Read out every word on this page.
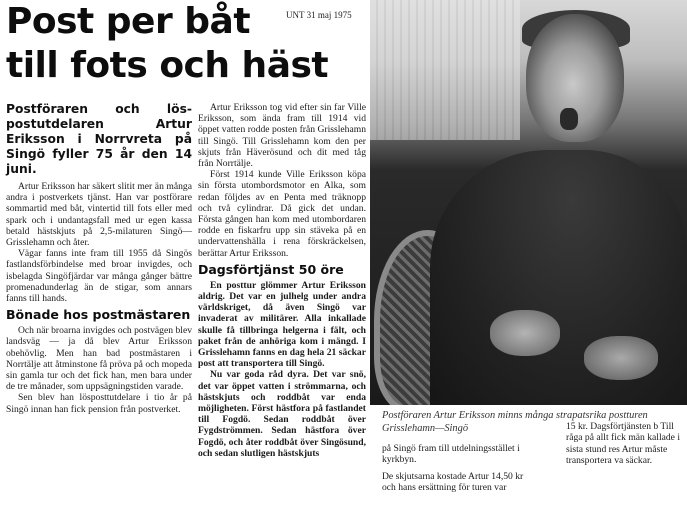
Post per båt
till fots och häst
UNT 31 maj 1975

Postföraren och löspostutdelaren Artur Eriksson i Norrvreta på Singö fyller 75 år den 14 juni.

Artur Eriksson har säkert slitit mer än många andra i postverkets tjänst. Han var postförare sommartid med båt, vintertid till fots eller med spark och i undantagsfall med ur egen kassa betald hästskjuts på 2,5-milaturen Singö—Grisslehamn och åter.

Vägar fanns inte fram till 1955 då Singös fastlandsförbindelse med broar invigdes, och isbelagda Singöfjärdar var många gånger bättre promenadunderlag än de stigar, som annars fanns till hands.

Bönade hos postmästaren

Och när broarna invigdes och postvägen blev landsväg — ja då blev Artur Eriksson obehövlig. Men han bad postmästaren i Norrtälje att åtminstone få pröva på och mopeda sin gamla tur och det fick han, men bara under de tre månader, som uppsägningstiden varade.

Sen blev han lösposttutdelare i tio år på Singö innan han fick pension från postverket.

Artur Eriksson tog vid efter sin far Ville Eriksson, som ända fram till 1914 vid öppet vatten rodde posten från Grisslehamn till Singö. Till Grisslehamn kom den per skjuts från Häverösund och dit med tåg från Norrtälje.

Först 1914 kunde Ville Eriksson köpa sin första utombordsmotor en Alka, som redan följdes av en Penta med träknopp och två cylindrar. Då gick det undan. Första gången han kom med utombordaren rodde en fiskarfru upp sin stäveka på en undervattenshälla i rena förskräckelsen, berättar Artur Eriksson.

Dagsförtjänst 50 öre

En posttur glömmer Artur Eriksson aldrig. Det var en julhelg under andra världskriget, då även Singö var invaderat av militärer. Alla inkallade skulle få tillbringa helgerna i fält, och paket från de anhöriga kom i mängd. I Grisslehamn fanns en dag hela 21 säckar post att transportera till Singö.

Nu var goda råd dyra. Det var snö, det var öppet vatten i strömmarna, och hästskjuts och roddbåt var enda möjligheten. Först hästfora på fastlandet till Fogdö. Sedan roddbåt över Fygdströmmen. Sedan hästfora över Fogdö, och åter roddbåt över Singösund, och sedan slutligen hästskjuts

Postföraren Artur Eriksson minns många strapatsrika postturen Grisslehamn—Singö

på Singö fram till utdelningsstället i kyrkbyn.

De skjutsarna kostade Artur 14,50 kr och hans ersättning för turen var

15 kr. Dagsförtjänsten b Till råga på allt fick män kallade i sista stund res Artur måste transportera va säckar.
